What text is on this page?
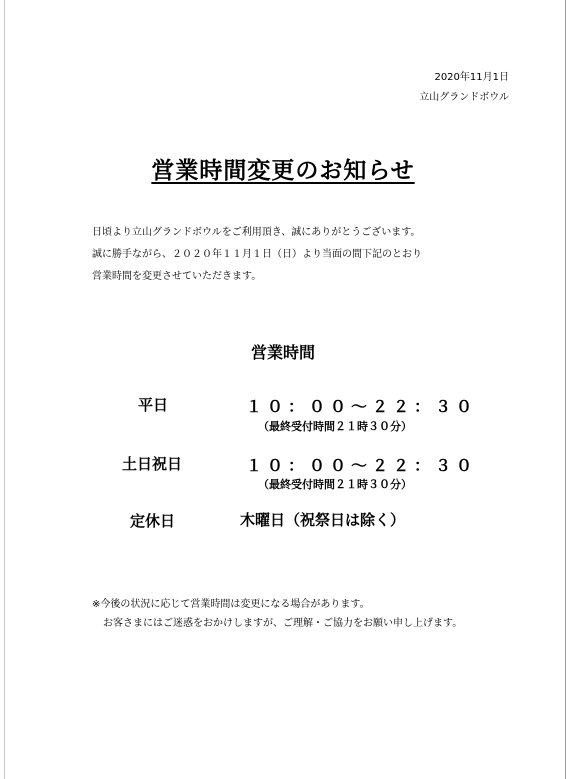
2020年11月1日
立山グランドボウル
営業時間変更のお知らせ
日頃より立山グランドボウルをご利用頂き、誠にありがとうございます。
誠に勝手ながら、２０２０年１１月１日（日）より当面の間下記のとおり
営業時間を変更させていただきます。
営業時間
平日	１０：００～２２：３０
（最終受付時間２１時３０分）
土日祝日	１０：００～２２：３０
（最終受付時間２１時３０分）
定休日	木曜日（祝祭日は除く）
※今後の状況に応じて営業時間は変更になる場合があります。
お客さまにはご迷惑をおかけしますが、ご理解・ご協力をお願い申し上げます。
